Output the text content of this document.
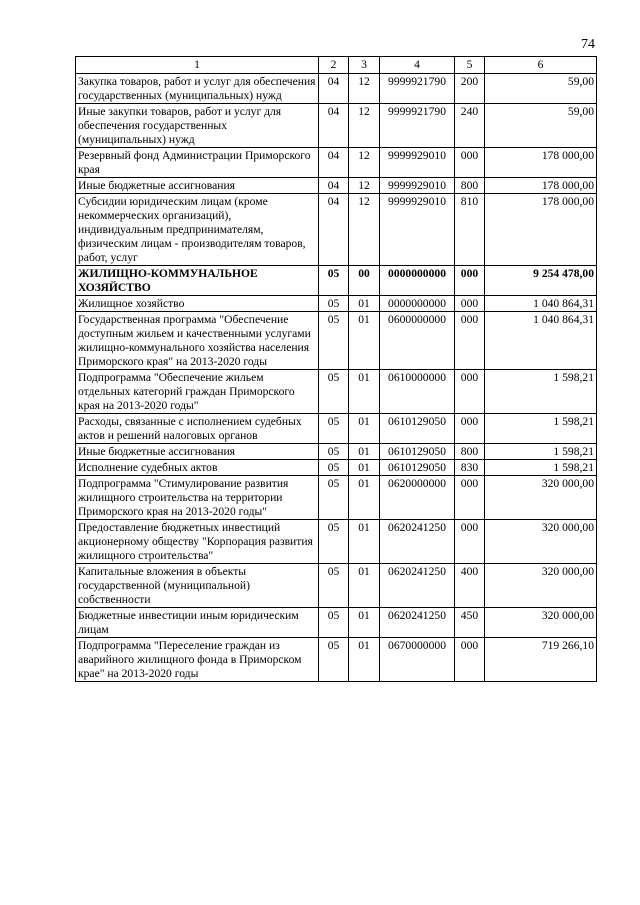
74
1	2	3	4	5	6
Закупка товаров, работ и услуг для обеспечения государственных (муниципальных) нужд	04	12	9999921790	200	59,00
Иные закупки товаров, работ и услуг для обеспечения государственных (муниципальных) нужд	04	12	9999921790	240	59,00
Резервный фонд Администрации Приморского края	04	12	9999929010	000	178 000,00
Иные бюджетные ассигнования	04	12	9999929010	800	178 000,00
Субсидии юридическим лицам (кроме некоммерческих организаций), индивидуальным предпринимателям, физическим лицам - производителям товаров, работ, услуг	04	12	9999929010	810	178 000,00
ЖИЛИЩНО-КОММУНАЛЬНОЕ ХОЗЯЙСТВО	05	00	0000000000	000	9 254 478,00
Жилищное хозяйство	05	01	0000000000	000	1 040 864,31
Государственная программа "Обеспечение доступным жильем и качественными услугами жилищно-коммунального хозяйства населения Приморского края" на 2013-2020 годы	05	01	0600000000	000	1 040 864,31
Подпрограмма "Обеспечение жильем отдельных категорий граждан Приморского края на 2013-2020 годы"	05	01	0610000000	000	1 598,21
Расходы, связанные с исполнением судебных актов и решений налоговых органов	05	01	0610129050	000	1 598,21
Иные бюджетные ассигнования	05	01	0610129050	800	1 598,21
Исполнение судебных актов	05	01	0610129050	830	1 598,21
Подпрограмма "Стимулирование развития жилищного строительства на территории Приморского края на 2013-2020 годы"	05	01	0620000000	000	320 000,00
Предоставление бюджетных инвестиций акционерному обществу "Корпорация развития жилищного строительства"	05	01	0620241250	000	320 000,00
Капитальные вложения в объекты государственной (муниципальной) собственности	05	01	0620241250	400	320 000,00
Бюджетные инвестиции иным юридическим лицам	05	01	0620241250	450	320 000,00
Подпрограмма "Переселение граждан из аварийного жилищного фонда в Приморском крае" на 2013-2020 годы	05	01	0670000000	000	719 266,10
